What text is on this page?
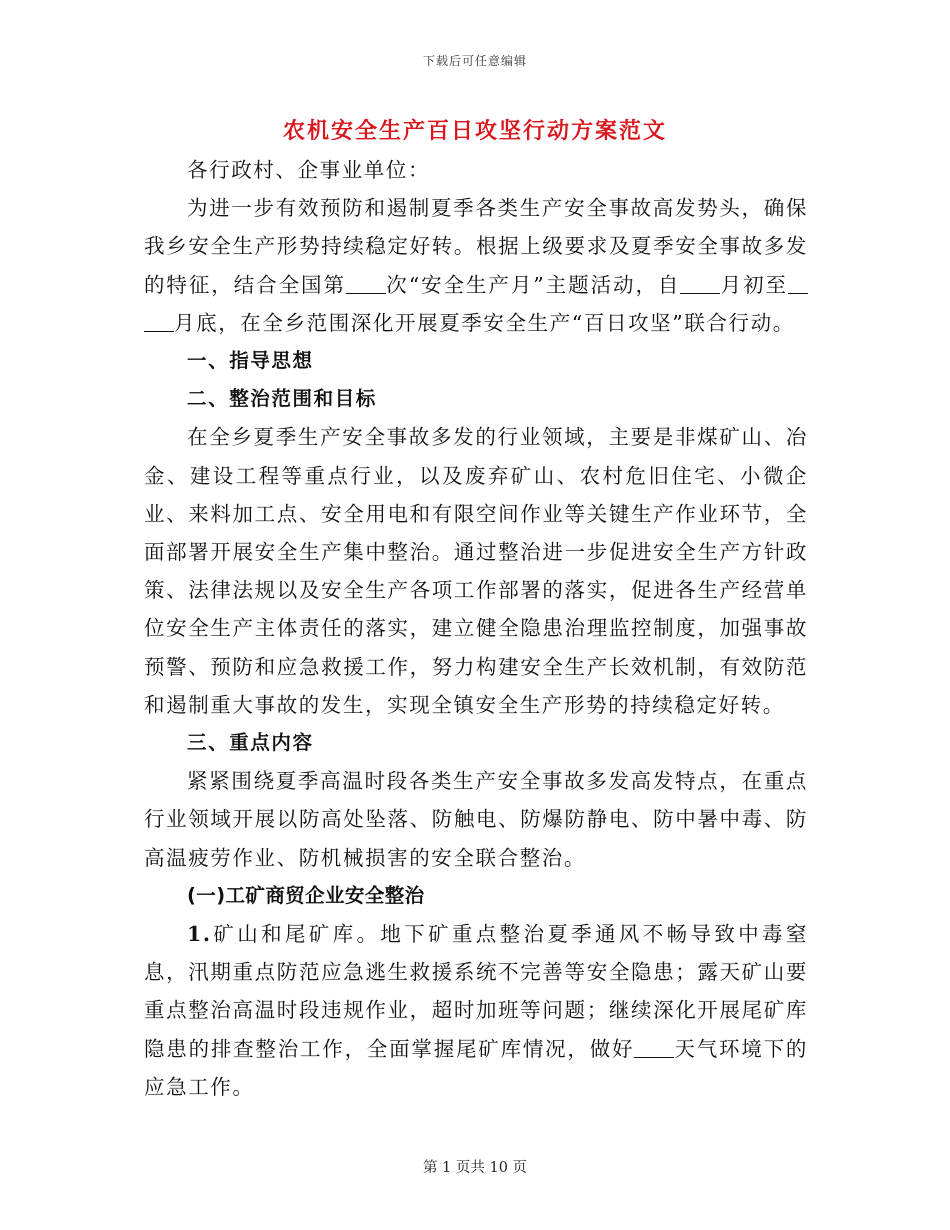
下载后可任意编辑
农机安全生产百日攻坚行动方案范文

各行政村、企事业单位：

为进一步有效预防和遏制夏季各类生产安全事故高发势头，确保我乡安全生产形势持续稳定好转。根据上级要求及夏季安全事故多发的特征，结合全国第 次“安全生产月”主题活动，自 月初至月底，在全乡范围深化开展夏季安全生产“百日攻坚”联合行动。

一、指导思想

二、整治范围和目标

在全乡夏季生产安全事故多发的行业领域，主要是非煤矿山、冶金、建设工程等重点行业，以及废弃矿山、农村危旧住宅、小微企业、来料加工点、安全用电和有限空间作业等关键生产作业环节，全面部署开展安全生产集中整治。通过整治进一步促进安全生产方针政策、法律法规以及安全生产各项工作部署的落实，促进各生产经营单位安全生产主体责任的落实，建立健全隐患治理监控制度，加强事故预警、预防和应急救援工作，努力构建安全生产长效机制，有效防范和遏制重大事故的发生，实现全镇安全生产形势的持续稳定好转。

三、重点内容

紧紧围绕夏季高温时段各类生产安全事故多发高发特点，在重点行业领域开展以防高处坠落、防触电、防爆防静电、防中暑中毒、防高温疲劳作业、防机械损害的安全联合整治。

(一)工矿商贸企业安全整治

1.矿山和尾矿库。地下矿重点整治夏季通风不畅导致中毒窒息，汛期重点防范应急逃生救援系统不完善等安全隐患；露天矿山要重点整治高温时段违规作业，超时加班等问题；继续深化开展尾矿库隐患的排查整治工作，全面掌握尾矿库情况，做好 天气环境下的应急工作。

第 1 页共 10 页
